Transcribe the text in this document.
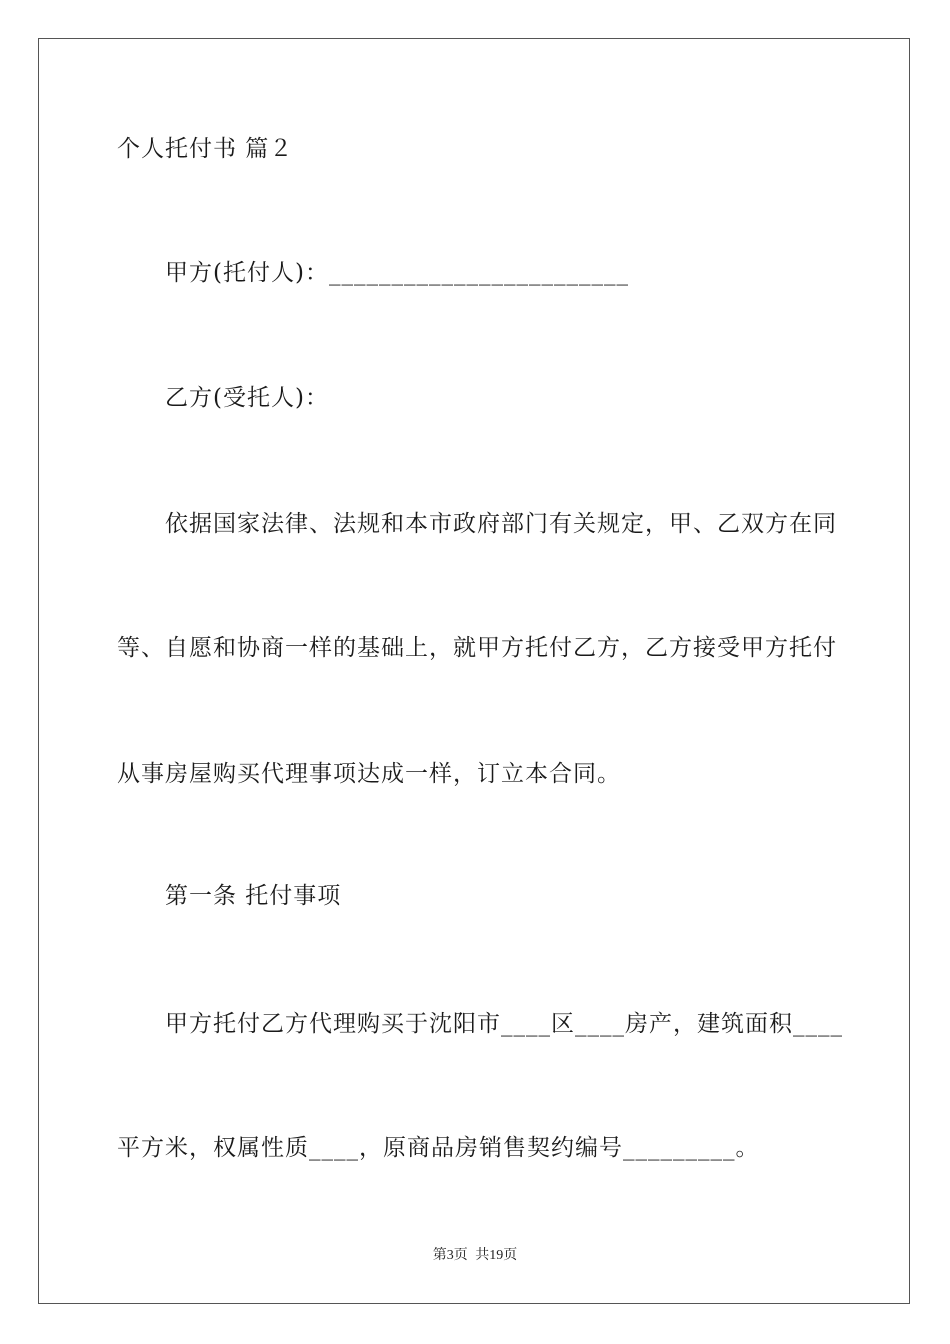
个人托付书 篇２
甲方(托付人)：________________________
乙方(受托人)：
依据国家法律、法规和本市政府部门有关规定，甲、乙双方在同
等、自愿和协商一样的基础上，就甲方托付乙方，乙方接受甲方托付
从事房屋购买代理事项达成一样，订立本合同。
第一条 托付事项
甲方托付乙方代理购买于沈阳市____区____房产，建筑面积____
平方米，权属性质____，原商品房销售契约编号_________。
第3页 共19页
